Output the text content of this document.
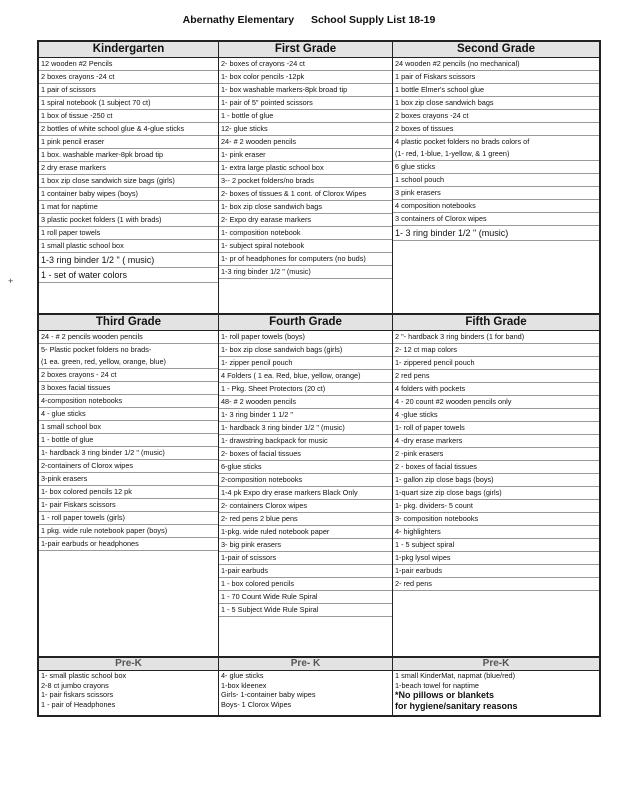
Abernathy Elementary School Supply List 18-19
+
Kindergarten
12 wooden #2 Pencils
2 boxes crayons -24 ct
1 pair of scissors
1 spiral notebook (1 subject 70 ct)
1 box of tissue -250 ct
2 bottles of white school glue & 4-glue sticks
1 pink pencil eraser
1 box. washable marker-8pk broad tip
2 dry erase markers
1 box zip close sandwich size bags (girls)
1 container baby wipes (boys)
1 mat for naptime
3 plastic pocket folders (1 with brads)
1 roll paper towels
1 small plastic school box
1-3 ring binder 1/2 " ( music)
1 - set of water colors
First Grade
2- boxes of crayons -24 ct
1- box color pencils -12pk
1- box washable markers-8pk broad tip
1- pair of 5" pointed scissors
1 - bottle of glue
12- glue sticks
24- # 2 wooden pencils
1- pink eraser
1- extra large plastic school box
3-- 2 pocket folders/no brads
2- boxes of tissues & 1 cont. of Clorox Wipes
1- box zip close sandwich bags
2- Expo dry earase markers
1- composition notebook
1- subject spiral notebook
1- pr of headphones for computers (no buds)
1-3 ring binder 1/2 " (music)
Second Grade
24 wooden #2 pencils (no mechanical)
1 pair of Fiskars scissors
1 bottle Elmer's school glue
1 box zip close sandwich bags
2 boxes crayons -24 ct
2 boxes of tissues
4 plastic pocket folders no brads colors of
(1- red, 1-blue, 1-yellow, & 1 green)
6 glue sticks
1 school pouch
3 pink erasers
4 composition notebooks
3 containers of Clorox wipes
1- 3 ring binder 1/2 " (music)
Third Grade
24 - # 2 pencils wooden pencils
5- Plastic pocket folders no brads-
(1 ea. green, red, yellow, orange, blue)
2 boxes crayons - 24 ct
3 boxes facial tissues
4-composition notebooks
4 - glue sticks
1 small school box
1 - bottle of glue
1- hardback 3 ring binder 1/2 " (music)
2-containers of Clorox wipes
3-pink erasers
1- box colored pencils 12 pk
1- pair Fiskars scissors
1 - roll paper towels (girls)
1 pkg. wide rule notebook paper (boys)
1-pair earbuds or headphones
Fourth Grade
1- roll paper towels (boys)
1- box zip close sandwich bags (girls)
1- zipper pencil pouch
4 Folders ( 1 ea. Red, blue, yellow, orange)
1 - Pkg. Sheet Protectors (20 ct)
48- # 2 wooden pencils
1- 3 ring binder 1 1/2 "
1- hardback 3 ring binder 1/2 " (music)
1- drawstring backpack for music
2- boxes of facial tissues
6-glue sticks
2-composition notebooks
1-4 pk Expo dry erase markers Black Only
2- containers Clorox wipes
2- red pens 2 blue pens
1-pkg. wide ruled notebook paper
3- big pink erasers
1-pair of scissors
1-pair earbuds
1 - box colored pencils
1 - 70 Count Wide Rule Spiral
1 - 5 Subject Wide Rule Spiral
Fifth Grade
2 "- hardback 3 ring binders (1 for band)
2- 12 ct map colors
1- zippered pencil pouch
2 red pens
4 folders with pockets
4 - 20 count #2 wooden pencils only
4 -glue sticks
1- roll of paper towels
4 -dry erase markers
2 -pink erasers
2 - boxes of facial tissues
1- gallon zip close bags (boys)
1-quart size zip close bags (girls)
1- pkg. dividers- 5 count
3- composition notebooks
4- highlighters
1 - 5 subject spiral
1-pkg lysol wipes
1-pair earbuds
2- red pens
Pre-K
1- small plastic school box
2-8 ct jumbo crayons
1- pair fiskars scissors
1 - pair of Headphones
Pre- K
4- glue sticks
1-box kleenex
Girls- 1-container baby wipes
Boys- 1 Clorox Wipes
Pre-K
1 small KinderMat, napmat (blue/red)
1-beach towel for naptime
*No pillows or blankets
for hygiene/sanitary reasons
